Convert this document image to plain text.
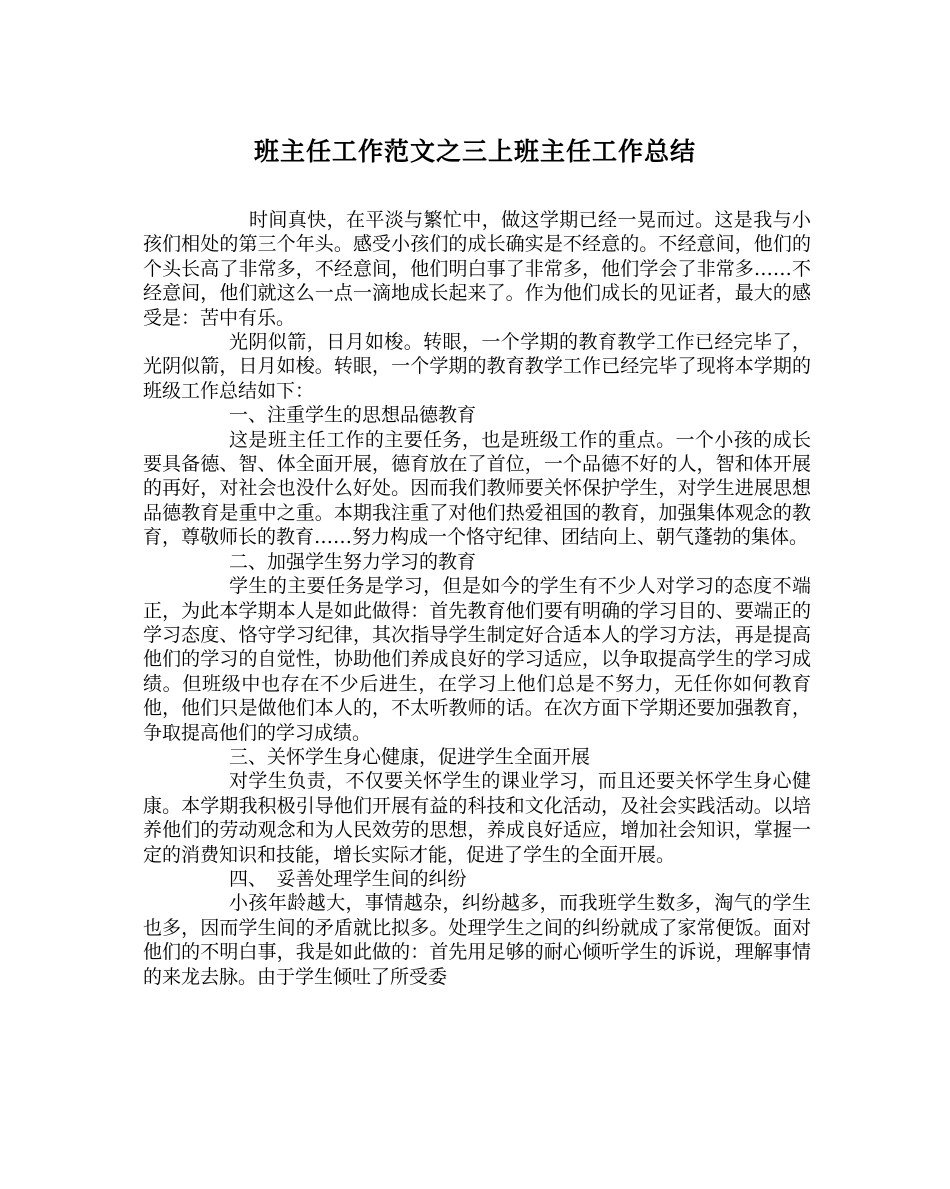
班主任工作范文之三上班主任工作总结

时间真快，在平淡与繁忙中，做这学期已经一晃而过。这是我与小孩们相处的第三个年头。感受小孩们的成长确实是不经意的。不经意间，他们的个头长高了非常多，不经意间，他们明白事了非常多，他们学会了非常多……不经意间，他们就这么一点一滴地成长起来了。作为他们成长的见证者，最大的感受是：苦中有乐。

光阴似箭，日月如梭。转眼，一个学期的教育教学工作已经完毕了，光阴似箭，日月如梭。转眼，一个学期的教育教学工作已经完毕了现将本学期的班级工作总结如下：

一、注重学生的思想品德教育

这是班主任工作的主要任务，也是班级工作的重点。一个小孩的成长要具备德、智、体全面开展，德育放在了首位，一个品德不好的人，智和体开展的再好，对社会也没什么好处。因而我们教师要关怀保护学生，对学生进展思想品德教育是重中之重。本期我注重了对他们热爱祖国的教育，加强集体观念的教育，尊敬师长的教育……努力构成一个恪守纪律、团结向上、朝气蓬勃的集体。

二、加强学生努力学习的教育

学生的主要任务是学习，但是如今的学生有不少人对学习的态度不端正，为此本学期本人是如此做得：首先教育他们要有明确的学习目的、要端正的学习态度、恪守学习纪律，其次指导学生制定好合适本人的学习方法，再是提高他们的学习的自觉性，协助他们养成良好的学习适应，以争取提高学生的学习成绩。但班级中也存在不少后进生，在学习上他们总是不努力，无任你如何教育他，他们只是做他们本人的，不太听教师的话。在次方面下学期还要加强教育，争取提高他们的学习成绩。

三、关怀学生身心健康，促进学生全面开展

对学生负责，不仅要关怀学生的课业学习，而且还要关怀学生身心健康。本学期我积极引导他们开展有益的科技和文化活动，及社会实践活动。以培养他们的劳动观念和为人民效劳的思想，养成良好适应，增加社会知识，掌握一定的消费知识和技能，增长实际才能，促进了学生的全面开展。

四、　妥善处理学生间的纠纷

小孩年龄越大，事情越杂，纠纷越多，而我班学生数多，淘气的学生也多，因而学生间的矛盾就比拟多。处理学生之间的纠纷就成了家常便饭。面对他们的不明白事，我是如此做的：首先用足够的耐心倾听学生的诉说，理解事情的来龙去脉。由于学生倾吐了所受委
